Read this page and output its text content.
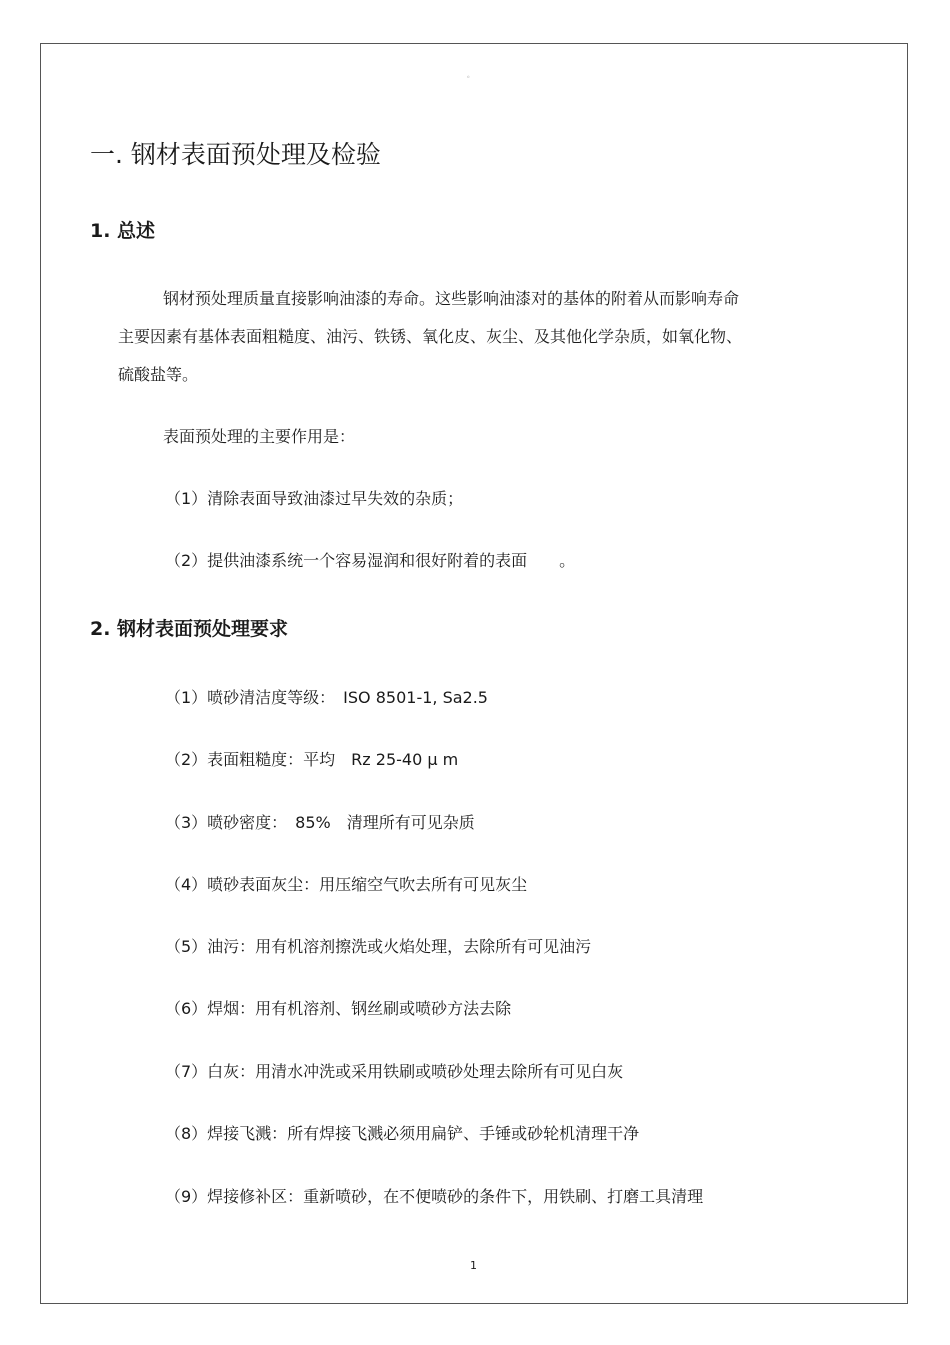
。
一. 钢材表面预处理及检验
1. 总述
钢材预处理质量直接影响油漆的寿命。这些影响油漆对的基体的附着从而影响寿命
主要因素有基体表面粗糙度、油污、铁锈、氧化皮、灰尘、及其他化学杂质，如氧化物、
硫酸盐等。
表面预处理的主要作用是：
（1）清除表面导致油漆过早失效的杂质；
（2）提供油漆系统一个容易湿润和很好附着的表面　　。
2. 钢材表面预处理要求
（1）喷砂清洁度等级：　ISO 8501-1, Sa2.5
（2）表面粗糙度：平均　Rz 25-40 μ m
（3）喷砂密度：　85%　清理所有可见杂质
（4）喷砂表面灰尘：用压缩空气吹去所有可见灰尘
（5）油污：用有机溶剂擦洗或火焰处理，去除所有可见油污
（6）焊烟：用有机溶剂、钢丝刷或喷砂方法去除
（7）白灰：用清水冲洗或采用铁刷或喷砂处理去除所有可见白灰
（8）焊接飞溅：所有焊接飞溅必须用扁铲、手锤或砂轮机清理干净
（9）焊接修补区：重新喷砂，在不便喷砂的条件下，用铁刷、打磨工具清理
1
